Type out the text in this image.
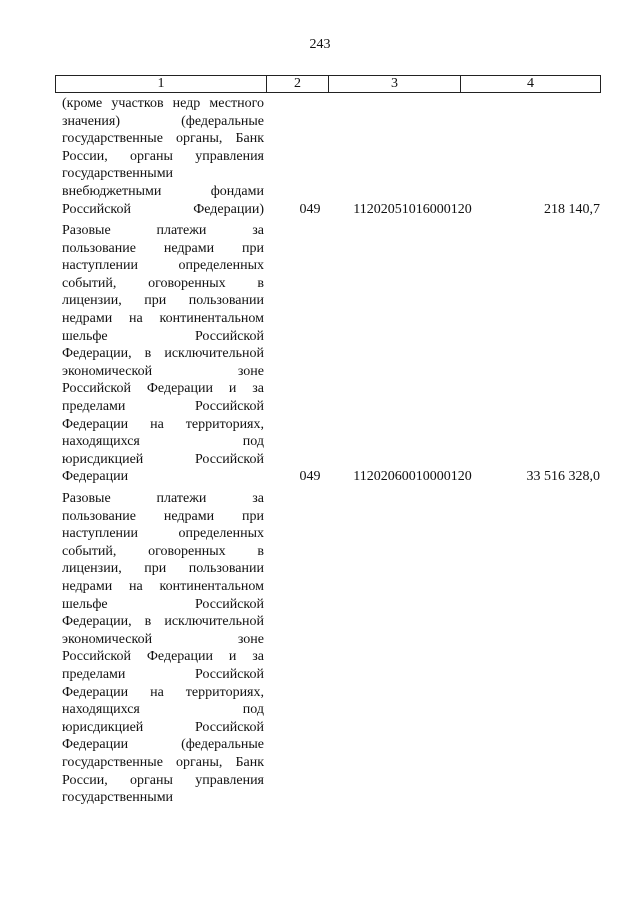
243
1	2	3	4
(кроме участков недр местного
значения) (федеральные
государственные органы, Банк
России, органы управления
государственными
внебюджетными фондами
Российской Федерации)	049	11202051016000120	218 140,7
Разовые платежи за
пользование недрами при
наступлении определенных
событий, оговоренных в
лицензии, при пользовании
недрами на континентальном
шельфе Российской
Федерации, в исключительной
экономической зоне
Российской Федерации и за
пределами Российской
Федерации на территориях,
находящихся под
юрисдикцией Российской
Федерации	049	11202060010000120	33 516 328,0
Разовые платежи за
пользование недрами при
наступлении определенных
событий, оговоренных в
лицензии, при пользовании
недрами на континентальном
шельфе Российской
Федерации, в исключительной
экономической зоне
Российской Федерации и за
пределами Российской
Федерации на территориях,
находящихся под
юрисдикцией Российской
Федерации (федеральные
государственные органы, Банк
России, органы управления
государственными
